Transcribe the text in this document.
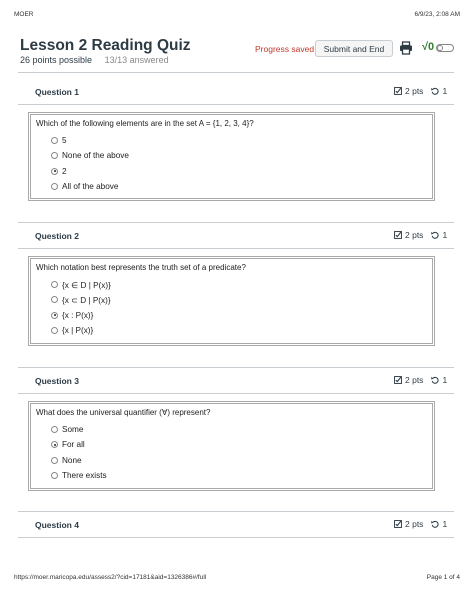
MOER	6/9/23, 2:08 AM
Lesson 2 Reading Quiz
26 points possible 13/13 answered
Progress saved	Submit and End	√0
Question 1	2 pts 1
Which of the following elements are in the set A = {1, 2, 3, 4}?
5
None of the above
2
All of the above
Question 2	2 pts 1
Which notation best represents the truth set of a predicate?
{x ∈ D | P(x)}
{x ⊂ D | P(x)}
{x : P(x)}
{x | P(x)}
Question 3	2 pts 1
What does the universal quantifier (∀) represent?
Some
For all
None
There exists
Question 4	2 pts 1
https://moer.maricopa.edu/assess2/?cid=17181&aid=1326386#/full	Page 1 of 4
